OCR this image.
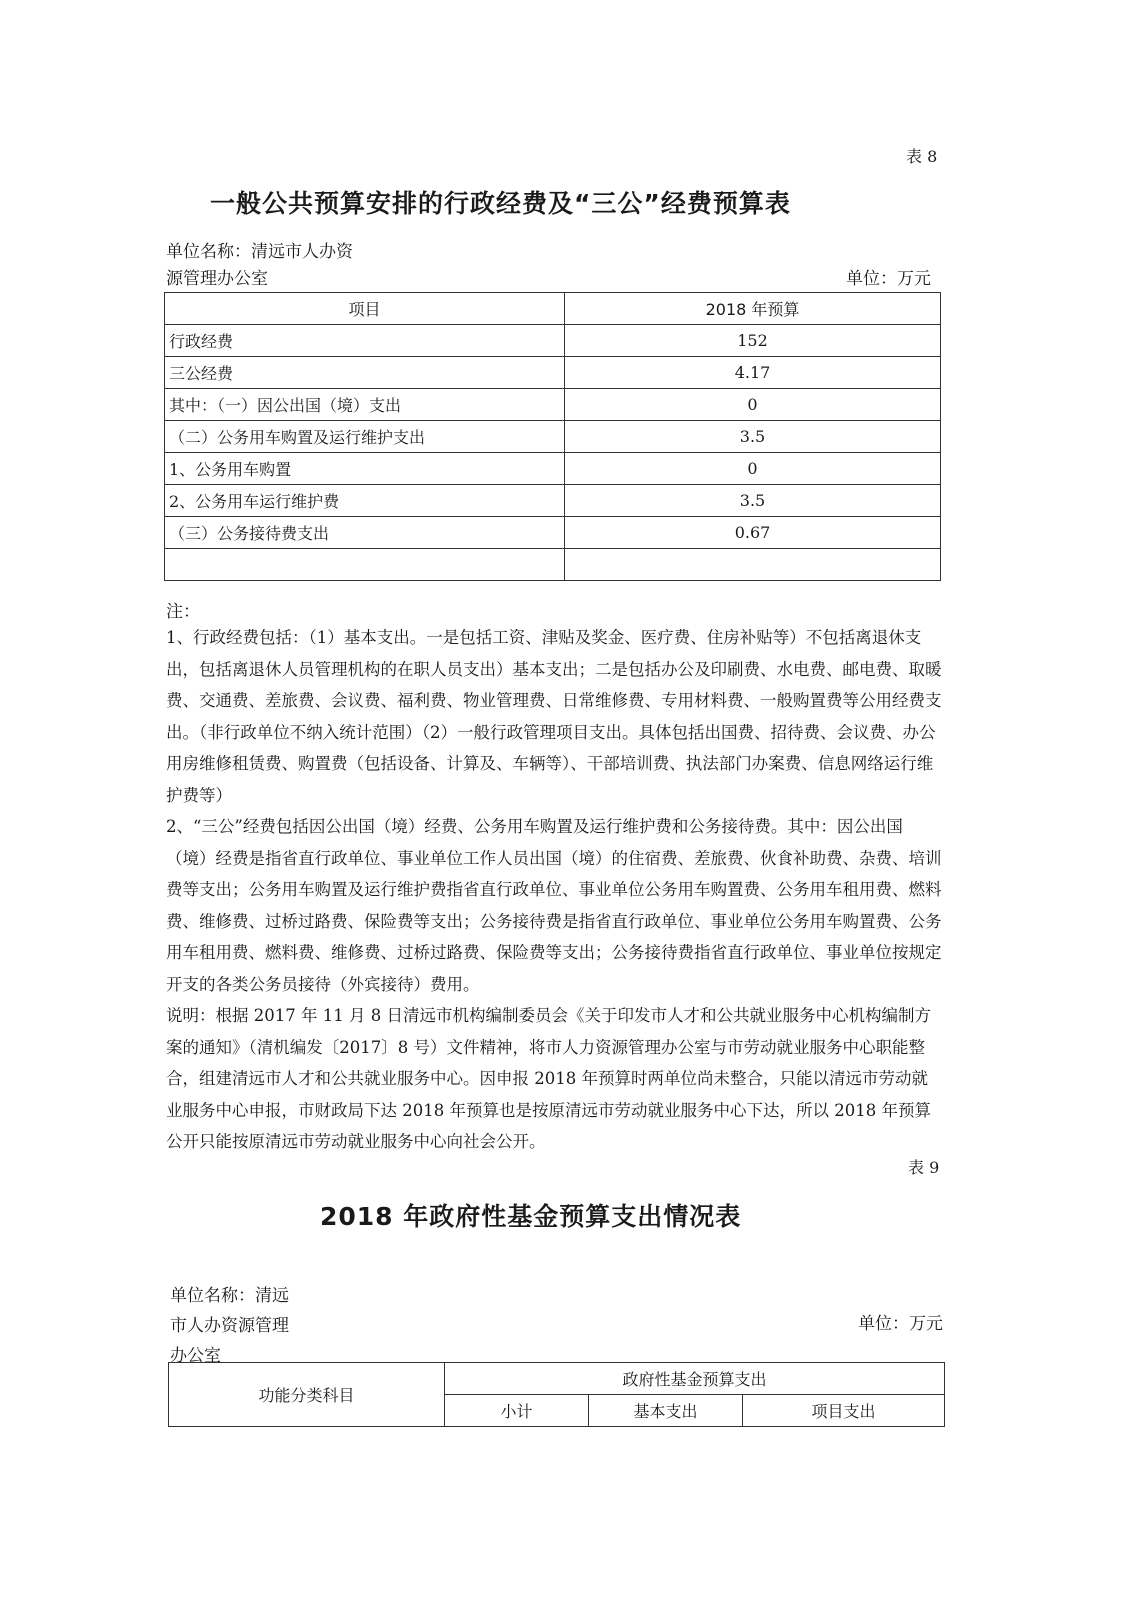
表 8
一般公共预算安排的行政经费及“三公”经费预算表
单位名称：清远市人办资
源管理办公室	单位：万元
项目	2018 年预算
行政经费	152
三公经费	4.17
其中：（一）因公出国（境）支出	0
（二）公务用车购置及运行维护支出	3.5
1、公务用车购置	0
2、公务用车运行维护费	3.5
（三）公务接待费支出	0.67

注：

1、行政经费包括：（1）基本支出。一是包括工资、津贴及奖金、医疗费、住房补贴等）不包括离退休支出，包括离退休人员管理机构的在职人员支出）基本支出；二是包括办公及印刷费、水电费、邮电费、取暖费、交通费、差旅费、会议费、福利费、物业管理费、日常维修费、专用材料费、一般购置费等公用经费支出。（非行政单位不纳入统计范围）（2）一般行政管理项目支出。具体包括出国费、招待费、会议费、办公用房维修租赁费、购置费（包括设备、计算及、车辆等）、干部培训费、执法部门办案费、信息网络运行维护费等）

2、“三公”经费包括因公出国（境）经费、公务用车购置及运行维护费和公务接待费。其中：因公出国（境）经费是指省直行政单位、事业单位工作人员出国（境）的住宿费、差旅费、伙食补助费、杂费、培训费等支出；公务用车购置及运行维护费指省直行政单位、事业单位公务用车购置费、公务用车租用费、燃料费、维修费、过桥过路费、保险费等支出；公务接待费是指省直行政单位、事业单位公务用车购置费、公务用车租用费、燃料费、维修费、过桥过路费、保险费等支出；公务接待费指省直行政单位、事业单位按规定开支的各类公务员接待（外宾接待）费用。

说明：根据 2017 年 11 月 8 日清远市机构编制委员会《关于印发市人才和公共就业服务中心机构编制方案的通知》（清机编发〔2017〕8 号）文件精神，将市人力资源管理办公室与市劳动就业服务中心职能整合，组建清远市人才和公共就业服务中心。因申报 2018 年预算时两单位尚未整合，只能以清远市劳动就业服务中心申报，市财政局下达 2018 年预算也是按原清远市劳动就业服务中心下达，所以 2018 年预算公开只能按原清远市劳动就业服务中心向社会公开。

表 9
2018 年政府性基金预算支出情况表
单位名称：清远
市人办资源管理
办公室
单位：万元
功能分类科目	政府性基金预算支出		
	小计	基本支出	项目支出
